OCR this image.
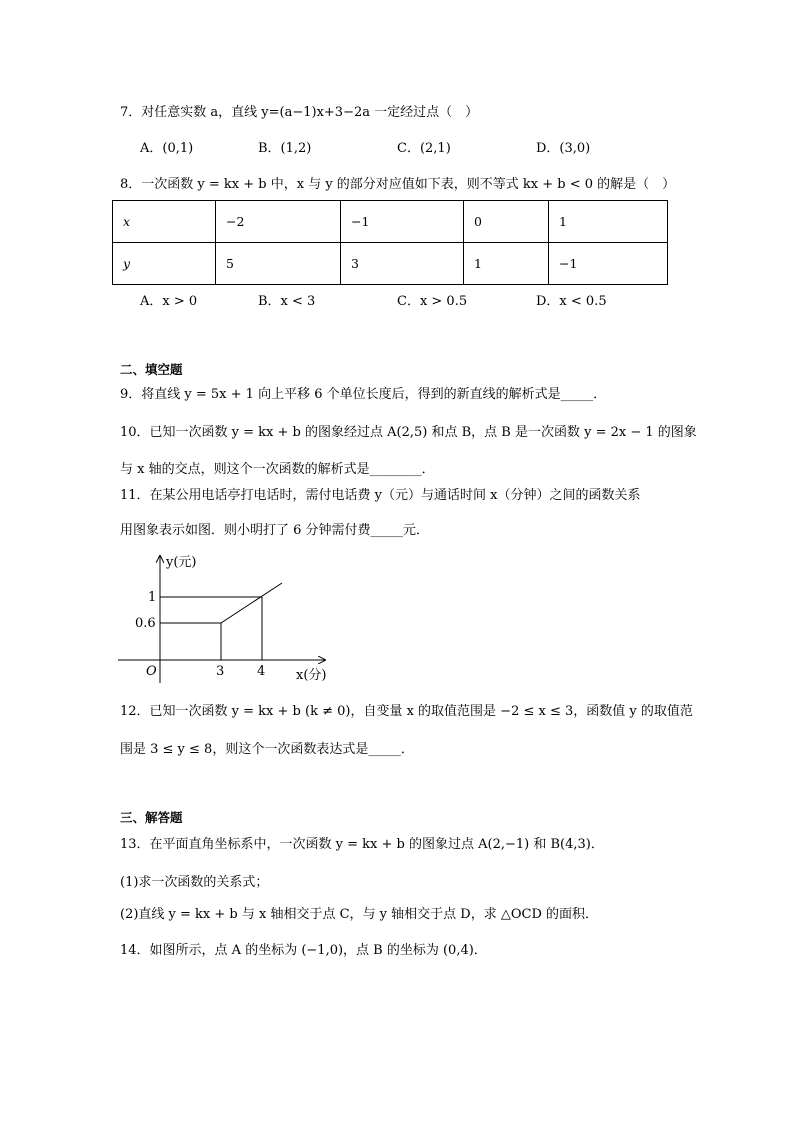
7．对任意实数 a，直线 y=(a−1)x+3−2a 一定经过点（　）
A．(0,1)	B．(1,2)	C．(2,1)	D．(3,0)
8．一次函数 y = kx + b 中，x 与 y 的部分对应值如下表，则不等式 kx + b < 0 的解是（　）
x	−2	−1	0	1
y	5	3	1	−1
A．x > 0	B．x < 3	C．x > 0.5	D．x < 0.5
二、填空题
9．将直线 y = 5x + 1 向上平移 6 个单位长度后，得到的新直线的解析式是_____．
10．已知一次函数 y = kx + b 的图象经过点 A(2,5) 和点 B，点 B 是一次函数 y = 2x − 1 的图象
与 x 轴的交点，则这个一次函数的解析式是________．
11．在某公用电话亭打电话时，需付电话费 y（元）与通话时间 x（分钟）之间的函数关系
用图象表示如图．则小明打了 6 分钟需付费_____元．
y(元)
1
0.6
O	3	4 x(分)
12．已知一次函数 y = kx + b (k ≠ 0)，自变量 x 的取值范围是 −2 ≤ x ≤ 3，函数值 y 的取值范
围是 3 ≤ y ≤ 8，则这个一次函数表达式是_____．
三、解答题
13．在平面直角坐标系中，一次函数 y = kx + b 的图象过点 A(2,−1) 和 B(4,3)．
(1)求一次函数的关系式；
(2)直线 y = kx + b 与 x 轴相交于点 C，与 y 轴相交于点 D，求 △OCD 的面积．
14．如图所示，点 A 的坐标为 (−1,0)，点 B 的坐标为 (0,4)．
